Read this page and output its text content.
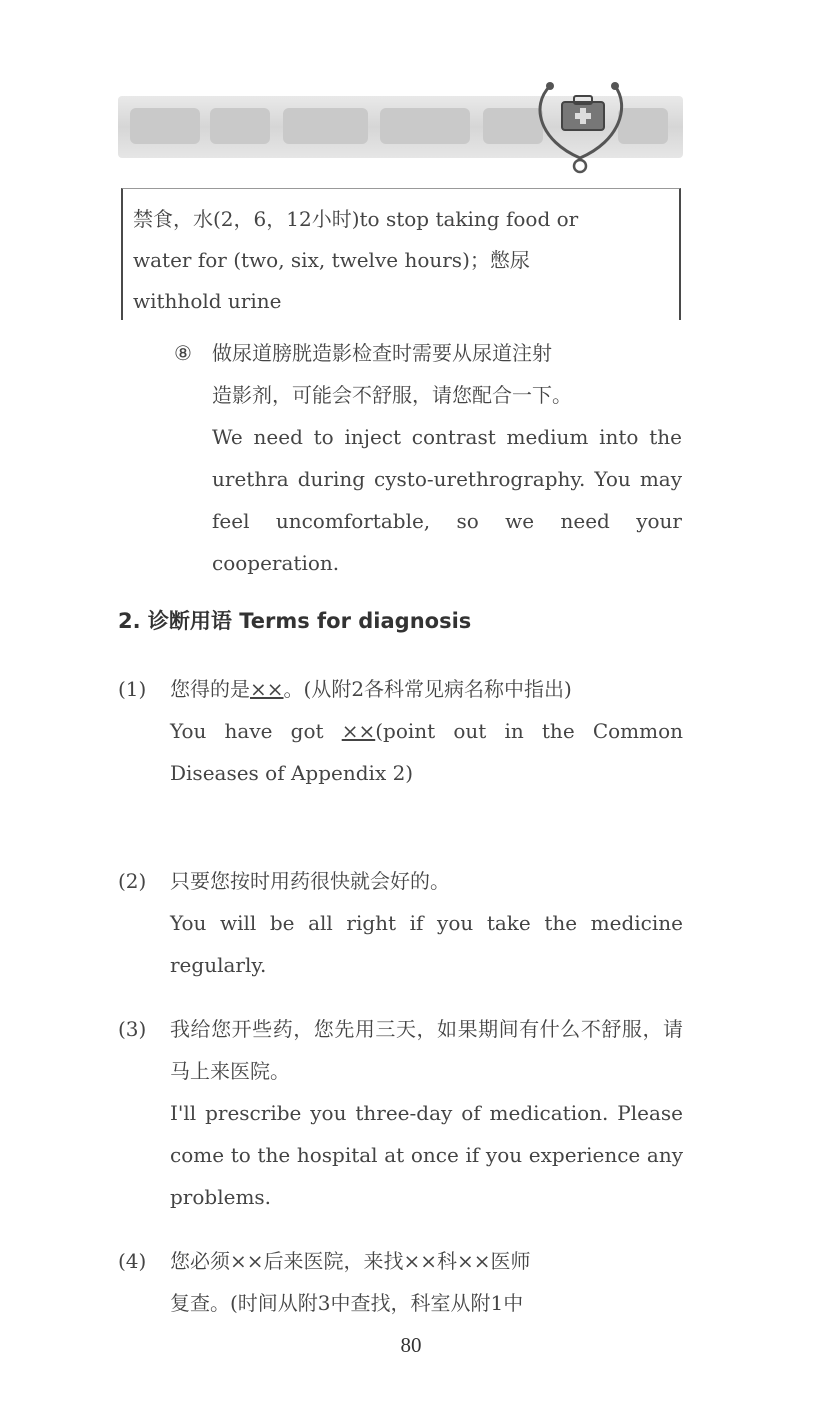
禁食，水(2，6，12小时)to stop taking food or
water for (two, six, twelve hours)；憋尿
withhold urine
⑧ 做尿道膀胱造影检查时需要从尿道注射
造影剂，可能会不舒服，请您配合一下。
We need to inject contrast medium into the urethra during cysto-urethrography. You may feel uncomfortable, so we need your cooperation.
2. 诊断用语 Terms for diagnosis
(1) 您得的是××。(从附2各科常见病名称中指出)
You have got ××(point out in the Common Diseases of Appendix 2)
(2) 只要您按时用药很快就会好的。
You will be all right if you take the medicine regularly.
(3) 我给您开些药，您先用三天，如果期间有什么不舒服，请马上来医院。
I'll prescribe you three-day of medication. Please come to the hospital at once if you experience any problems.
(4) 您必须××后来医院，来找××科××医师
复查。(时间从附3中查找，科室从附1中
80
